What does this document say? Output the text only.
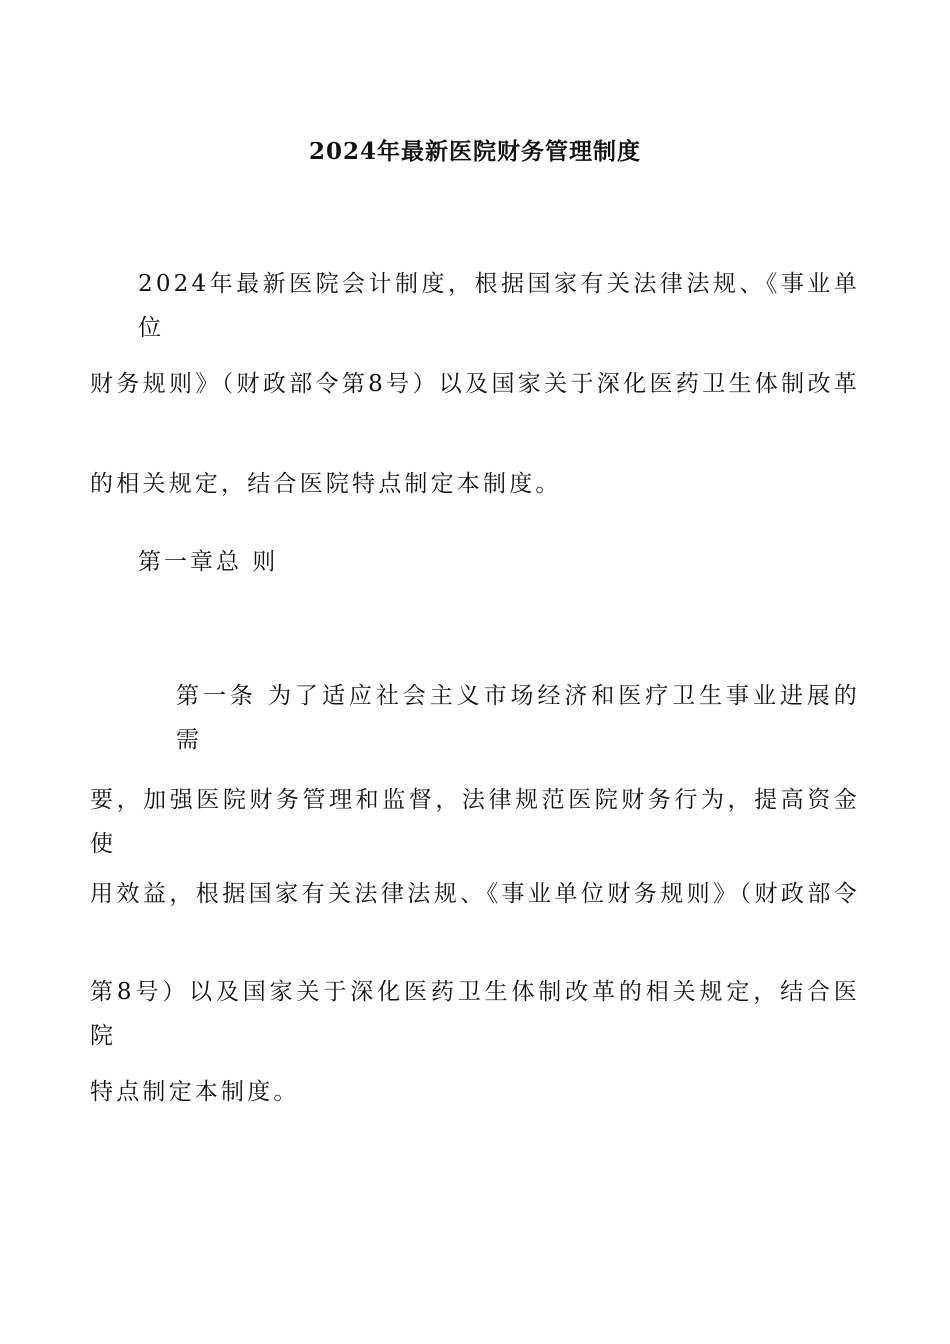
2024年最新医院财务管理制度
2024年最新医院会计制度，根据国家有关法律法规、《事业单位
财务规则》（财政部令第8号）以及国家关于深化医药卫生体制改革
的相关规定，结合医院特点制定本制度。
第一章总 则
第一条 为了适应社会主义市场经济和医疗卫生事业进展的需
要，加强医院财务管理和监督，法律规范医院财务行为，提高资金使
用效益，根据国家有关法律法规、《事业单位财务规则》（财政部令
第8号）以及国家关于深化医药卫生体制改革的相关规定，结合医院
特点制定本制度。
